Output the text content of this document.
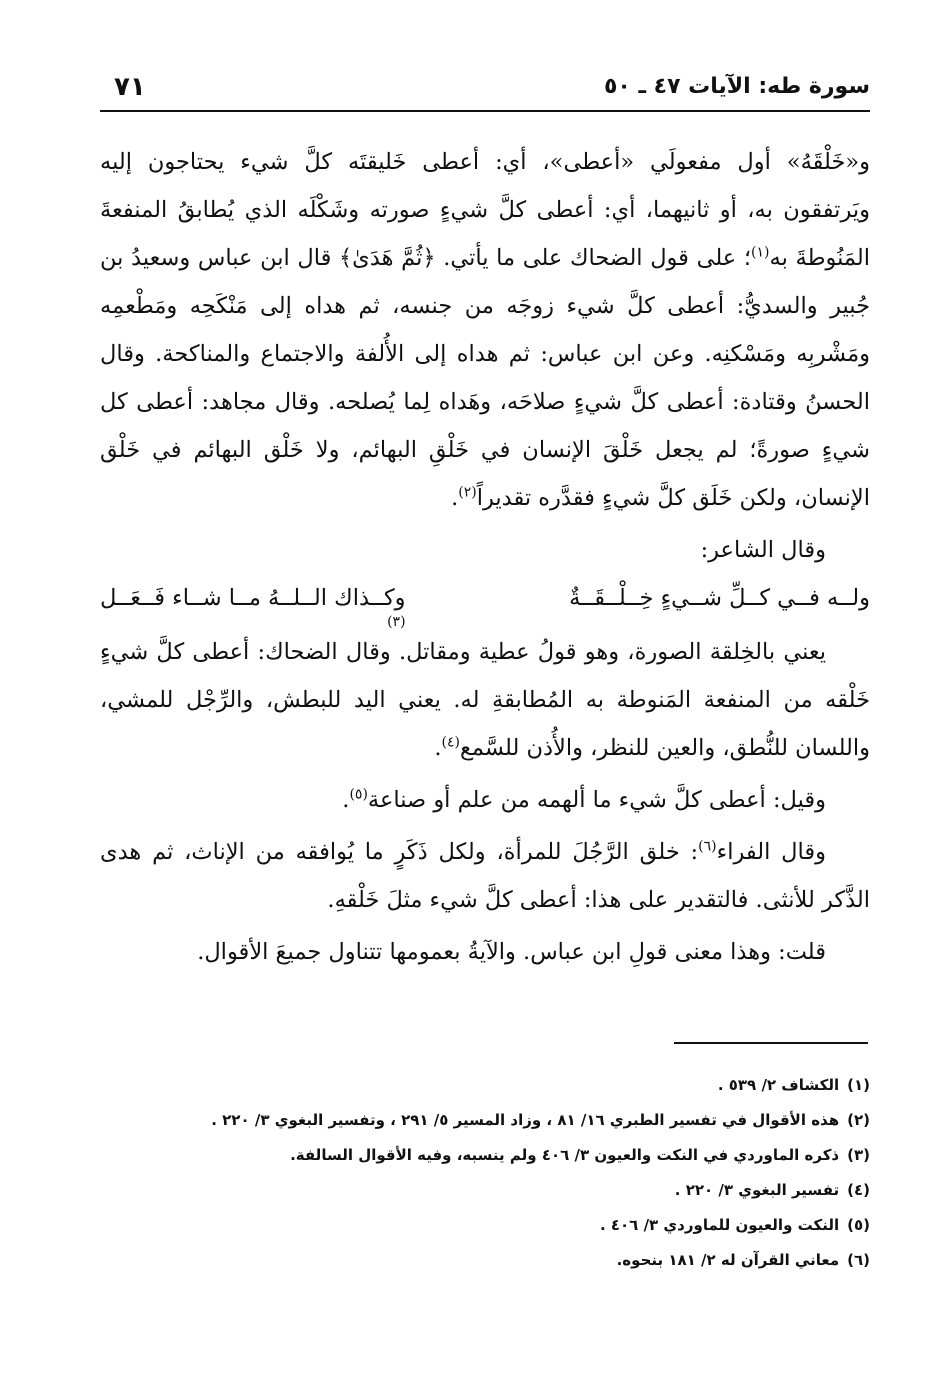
سورة طه: الآيات ٤٧ ـ ٥٠
٧١

و«خَلْقَهُ» أول مفعولَي «أعطى»، أي: أعطى خَليقتَه كلَّ شيء يحتاجون إليه ويَرتفقون به، أو ثانيهما، أي: أعطى كلَّ شيءٍ صورته وشَكْلَه الذي يُطابقُ المنفعةَ المَنُوطةَ به$^{(١)}$؛ على قول الضحاك على ما يأتي. ﴿ثُمَّ هَدَىٰ﴾ قال ابن عباس وسعيدُ بن جُبير والسديُّ: أعطى كلَّ شيء زوجَه من جنسه، ثم هداه إلى مَنْكَحِه ومَطْعمِه ومَشْربِه ومَسْكنِه. وعن ابن عباس: ثم هداه إلى الأُلفة والاجتماع والمناكحة. وقال الحسنُ وقتادة: أعطى كلَّ شيءٍ صلاحَه، وهَداه لِما يُصلحه. وقال مجاهد: أعطى كل شيءٍ صورةً؛ لم يجعل خَلْقَ الإنسان في خَلْقِ البهائم، ولا خَلْق البهائم في خَلْق الإنسان، ولكن خَلَق كلَّ شيءٍ فقدَّره تقديراً$^{(٢)}$.

وقال الشاعر:

ولــه فــي كــلِّ شــيءٍ خِــلْــقَــةٌ
وكــذاك الــلــهُ مــا شــاء فَــعَــل
(٣)

يعني بالخِلقة الصورة، وهو قولُ عطية ومقاتل. وقال الضحاك: أعطى كلَّ شيءٍ خَلْقه من المنفعة المَنوطة به المُطابقةِ له. يعني اليد للبطش، والرِّجْل للمشي، واللسان للنُّطق، والعين للنظر، والأُذن للسَّمع$^{(٤)}$.

وقيل: أعطى كلَّ شيء ما ألهمه من علم أو صناعة$^{(٥)}$.

وقال الفراء$^{(٦)}$: خلق الرَّجُلَ للمرأة، ولكل ذَكَرٍ ما يُوافقه من الإناث، ثم هدى الذَّكر للأنثى. فالتقدير على هذا: أعطى كلَّ شيء مثلَ خَلْقهِ.

قلت: وهذا معنى قولِ ابن عباس. والآيةُ بعمومها تتناول جميعَ الأقوال.

(١)الكشاف ٢/ ٥٣٩ .
(٢)هذه الأقوال في تفسير الطبري ١٦/ ٨١ ، وزاد المسير ٥/ ٢٩١ ، وتفسير البغوي ٣/ ٢٢٠ .
(٣)ذكره الماوردي في النكت والعيون ٣/ ٤٠٦ ولم ينسبه، وفيه الأقوال السالفة.
(٤)تفسير البغوي ٣/ ٢٢٠ .
(٥)النكت والعيون للماوردي ٣/ ٤٠٦ .
(٦)معاني القرآن له ٢/ ١٨١ بنحوه.
